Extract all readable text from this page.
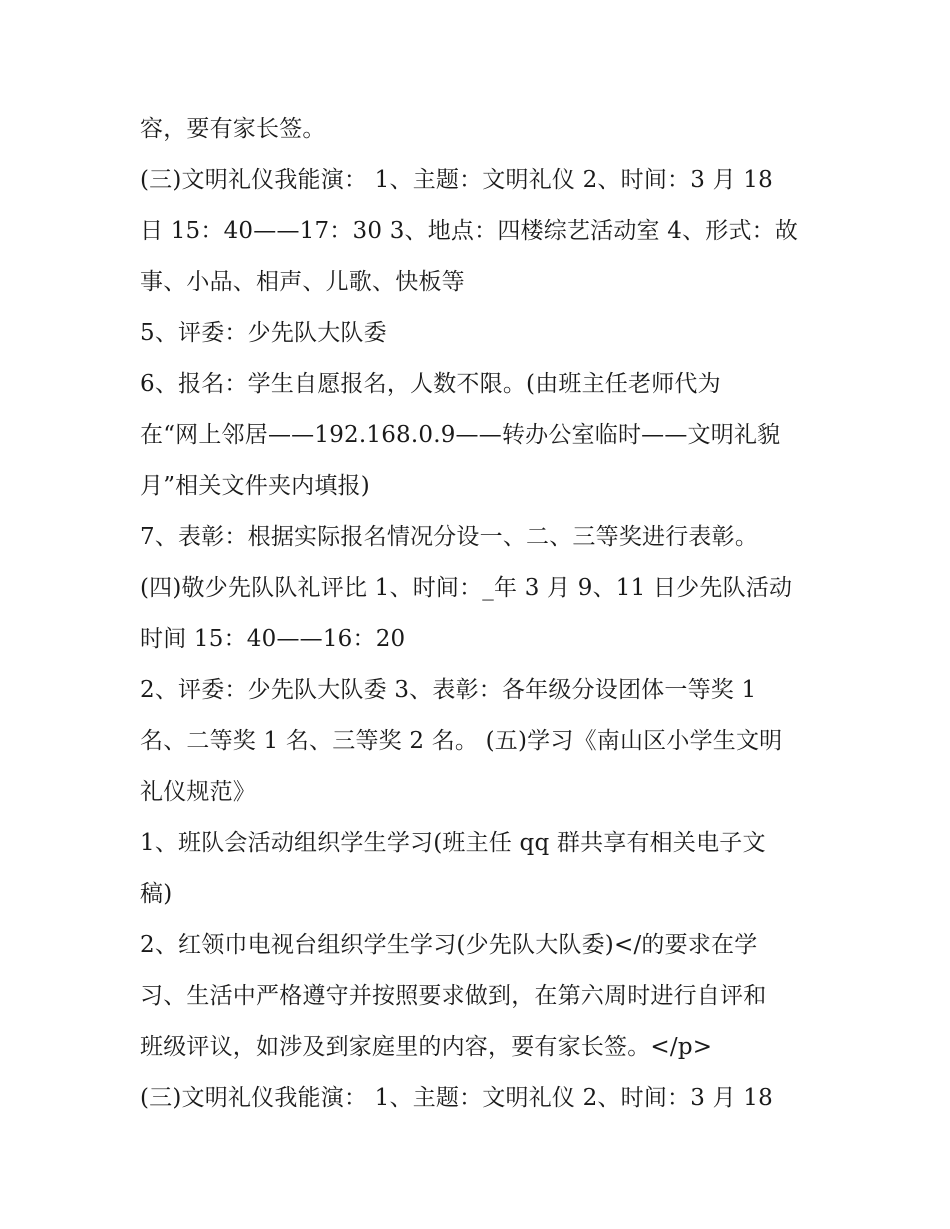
容，要有家长签。
(三)文明礼仪我能演： 1、主题：文明礼仪 2、时间：3 月 18
日 15：40——17：30 3、地点：四楼综艺活动室 4、形式：故
事、小品、相声、儿歌、快板等
5、评委：少先队大队委
6、报名：学生自愿报名，人数不限。(由班主任老师代为
在“网上邻居——192.168.0.9——转办公室临时——文明礼貌
月”相关文件夹内填报)
7、表彰：根据实际报名情况分设一、二、三等奖进行表彰。
(四)敬少先队队礼评比 1、时间：_年 3 月 9、11 日少先队活动
时间 15：40——16：20
2、评委：少先队大队委 3、表彰：各年级分设团体一等奖 1
名、二等奖 1 名、三等奖 2 名。 (五)学习《南山区小学生文明
礼仪规范》
1、班队会活动组织学生学习(班主任 qq 群共享有相关电子文
稿)
2、红领巾电视台组织学生学习(少先队大队委)</的要求在学
习、生活中严格遵守并按照要求做到，在第六周时进行自评和
班级评议，如涉及到家庭里的内容，要有家长签。</p>
(三)文明礼仪我能演： 1、主题：文明礼仪 2、时间：3 月 18
